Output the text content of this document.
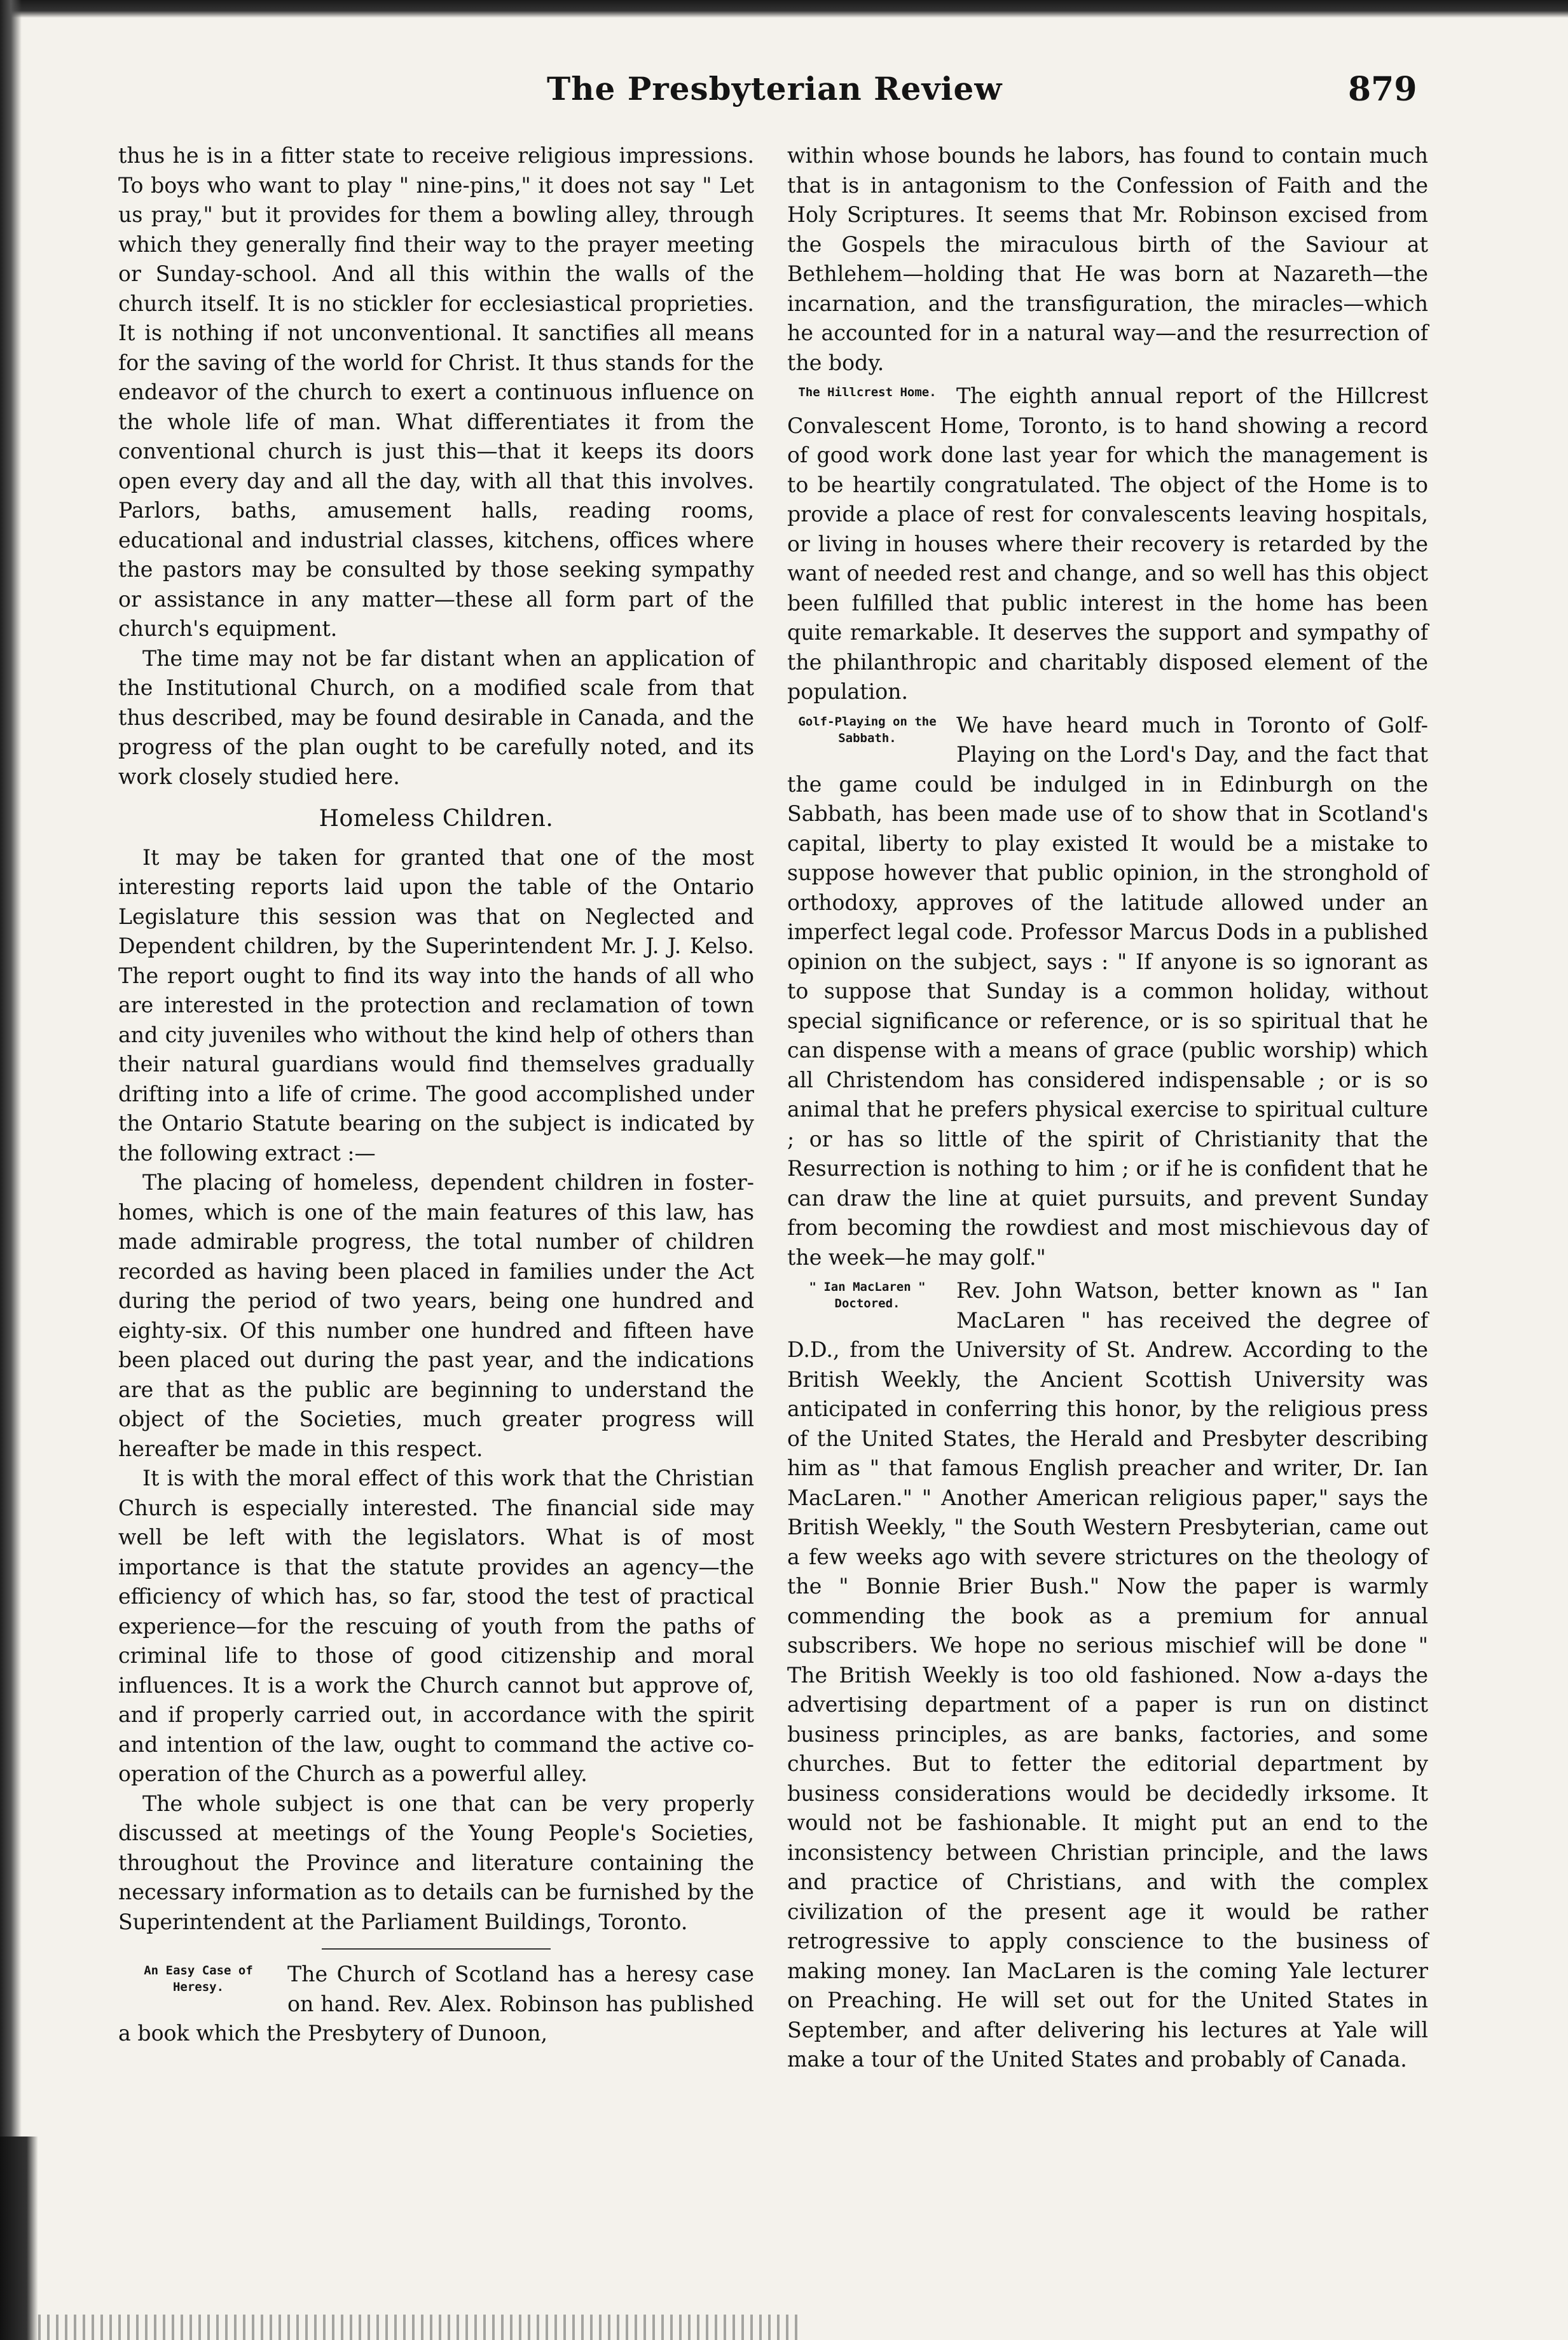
The Presbyterian Review	879

thus he is in a fitter state to receive religious impressions. To boys who want to play " nine-pins," it does not say " Let us pray," but it provides for them a bowling alley, through which they generally find their way to the prayer meeting or Sunday-school. And all this within the walls of the church itself. It is no stickler for ecclesiastical proprieties. It is nothing if not unconventional. It sanctifies all means for the saving of the world for Christ. It thus stands for the endeavor of the church to exert a continuous influence on the whole life of man. What differentiates it from the conventional church is just this—that it keeps its doors open every day and all the day, with all that this involves. Parlors, baths, amusement halls, reading rooms, educational and industrial classes, kitchens, offices where the pastors may be consulted by those seeking sympathy or assistance in any matter—these all form part of the church's equipment.

The time may not be far distant when an application of the Institutional Church, on a modified scale from that thus described, may be found desirable in Canada, and the progress of the plan ought to be carefully noted, and its work closely studied here.

Homeless Children.

It may be taken for granted that one of the most interesting reports laid upon the table of the Ontario Legislature this session was that on Neglected and Dependent children, by the Superintendent Mr. J. J. Kelso. The report ought to find its way into the hands of all who are interested in the protection and reclamation of town and city juveniles who without the kind help of others than their natural guardians would find themselves gradually drifting into a life of crime. The good accomplished under the Ontario Statute bearing on the subject is indicated by the following extract :—

The placing of homeless, dependent children in foster-homes, which is one of the main features of this law, has made admirable progress, the total number of children recorded as having been placed in families under the Act during the period of two years, being one hundred and eighty-six. Of this number one hundred and fifteen have been placed out during the past year, and the indications are that as the public are beginning to understand the object of the Societies, much greater progress will hereafter be made in this respect.

It is with the moral effect of this work that the Christian Church is especially interested. The financial side may well be left with the legislators. What is of most importance is that the statute provides an agency—the efficiency of which has, so far, stood the test of practical experience—for the rescuing of youth from the paths of criminal life to those of good citizenship and moral influences. It is a work the Church cannot but approve of, and if properly carried out, in accordance with the spirit and intention of the law, ought to command the active co-operation of the Church as a powerful alley.

The whole subject is one that can be very properly discussed at meetings of the Young People's Societies, throughout the Province and literature containing the necessary information as to details can be furnished by the Superintendent at the Parliament Buildings, Toronto.

An Easy Case of Heresy.
The Church of Scotland has a heresy case on hand. Rev. Alex. Robinson has published a book which the Presbytery of Dunoon,

within whose bounds he labors, has found to contain much that is in antagonism to the Confession of Faith and the Holy Scriptures. It seems that Mr. Robinson excised from the Gospels the miraculous birth of the Saviour at Bethlehem—holding that He was born at Nazareth—the incarnation, and the transfiguration, the miracles—which he accounted for in a natural way—and the resurrection of the body.

The Hillcrest Home. The eighth annual report of the Hillcrest Convalescent Home, Toronto, is to hand showing a record of good work done last year for which the management is to be heartily congratulated. The object of the Home is to provide a place of rest for convalescents leaving hospitals, or living in houses where their recovery is retarded by the want of needed rest and change, and so well has this object been fulfilled that public interest in the home has been quite remarkable. It deserves the support and sympathy of the philanthropic and charitably disposed element of the population.

Golf-Playing on the Sabbath.
We have heard much in Toronto of Golf-Playing on the Lord's Day, and the fact that the game could be indulged in in Edinburgh on the Sabbath, has been made use of to show that in Scotland's capital, liberty to play existed It would be a mistake to suppose however that public opinion, in the stronghold of orthodoxy, approves of the latitude allowed under an imperfect legal code. Professor Marcus Dods in a published opinion on the subject, says : " If anyone is so ignorant as to suppose that Sunday is a common holiday, without special significance or reference, or is so spiritual that he can dispense with a means of grace (public worship) which all Christendom has considered indispensable ; or is so animal that he prefers physical exercise to spiritual culture ; or has so little of the spirit of Christianity that the Resurrection is nothing to him ; or if he is confident that he can draw the line at quiet pursuits, and prevent Sunday from becoming the rowdiest and most mischievous day of the week—he may golf."

" Ian MacLaren " Doctored.
Rev. John Watson, better known as " Ian MacLaren " has received the degree of D.D., from the University of St. Andrew. According to the British Weekly, the Ancient Scottish University was anticipated in conferring this honor, by the religious press of the United States, the Herald and Presbyter describing him as " that famous English preacher and writer, Dr. Ian MacLaren." " Another American religious paper," says the British Weekly, " the South Western Presbyterian, came out a few weeks ago with severe strictures on the theology of the " Bonnie Brier Bush." Now the paper is warmly commending the book as a premium for annual subscribers. We hope no serious mischief will be done " The British Weekly is too old fashioned. Now a-days the advertising department of a paper is run on distinct business principles, as are banks, factories, and some churches. But to fetter the editorial department by business considerations would be decidedly irksome. It would not be fashionable. It might put an end to the inconsistency between Christian principle, and the laws and practice of Christians, and with the complex civilization of the present age it would be rather retrogressive to apply conscience to the business of making money. Ian MacLaren is the coming Yale lecturer on Preaching. He will set out for the United States in September, and after delivering his lectures at Yale will make a tour of the United States and probably of Canada.
